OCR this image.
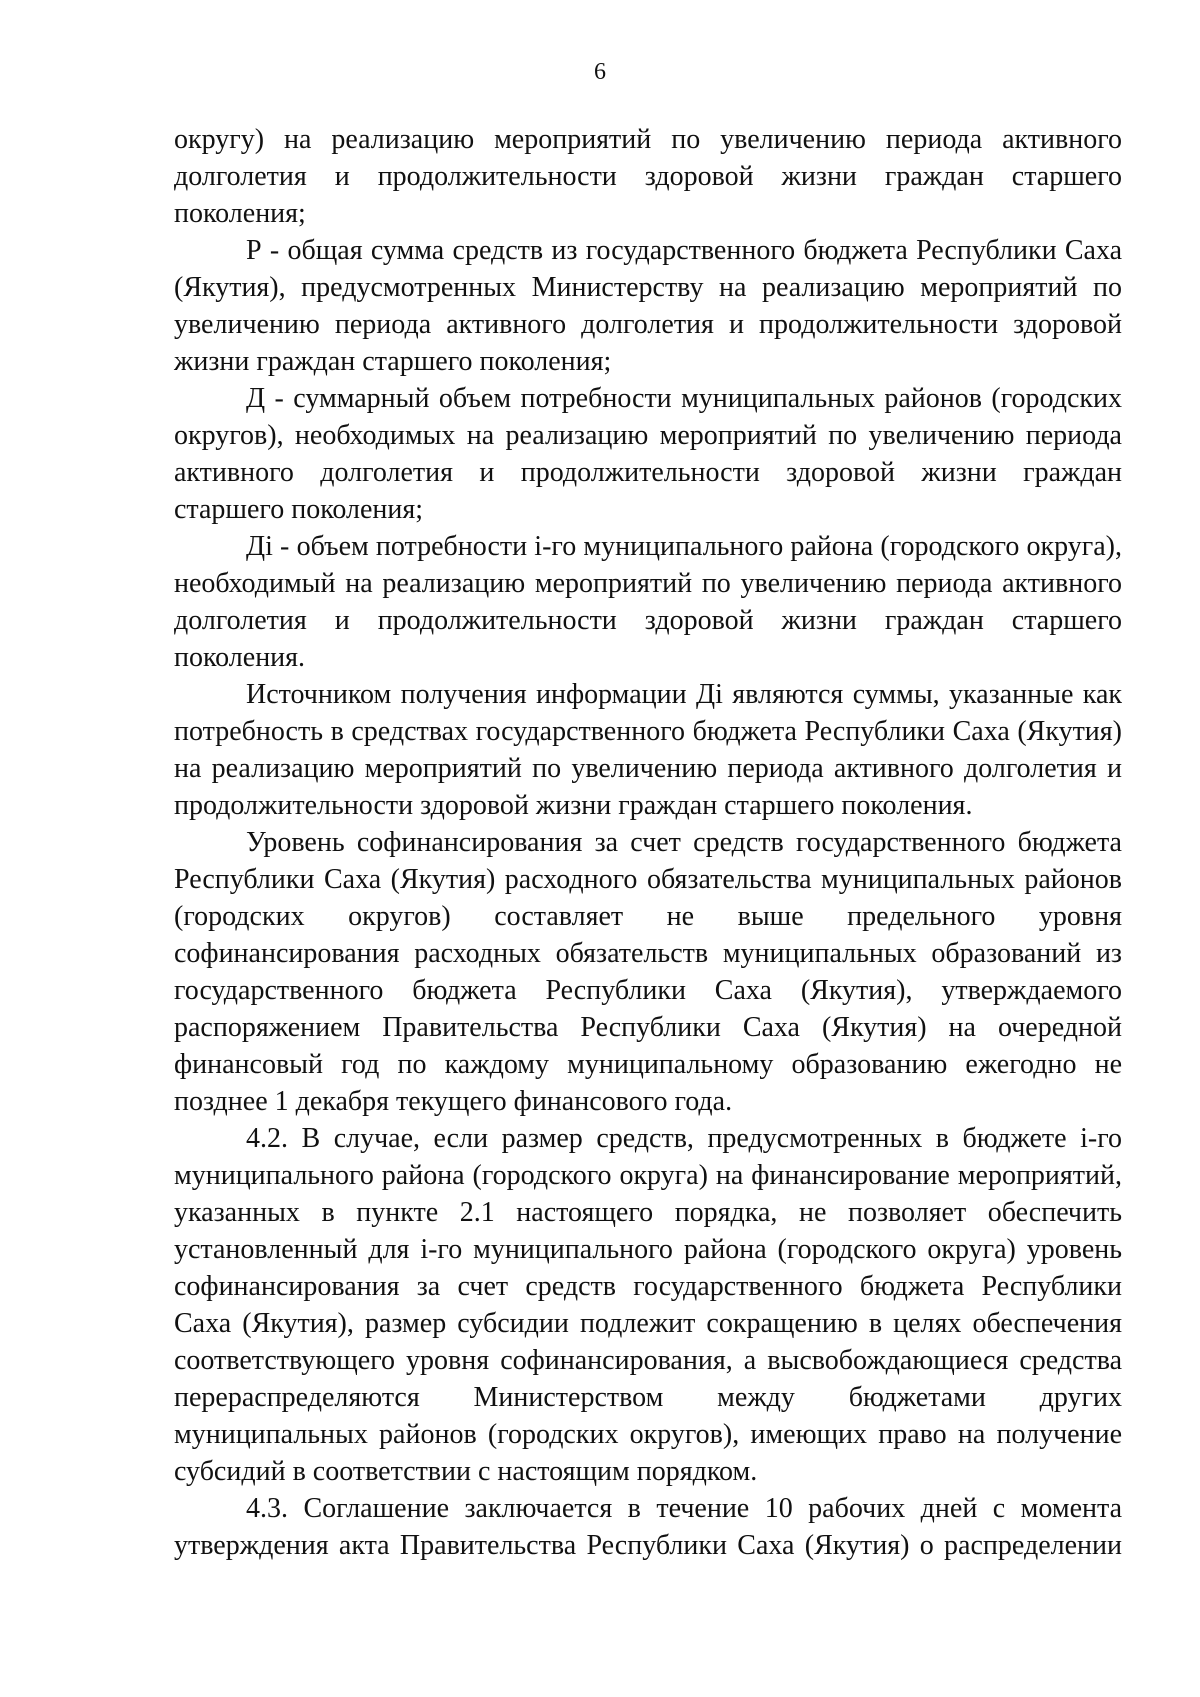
6

округу) на реализацию мероприятий по увеличению периода активного долголетия и продолжительности здоровой жизни граждан старшего поколения;

Р - общая сумма средств из государственного бюджета Республики Саха (Якутия), предусмотренных Министерству на реализацию мероприятий по увеличению периода активного долголетия и продолжительности здоровой жизни граждан старшего поколения;

Д - суммарный объем потребности муниципальных районов (городских округов), необходимых на реализацию мероприятий по увеличению периода активного долголетия и продолжительности здоровой жизни граждан старшего поколения;

Дi - объем потребности i-го муниципального района (городского округа), необходимый на реализацию мероприятий по увеличению периода активного долголетия и продолжительности здоровой жизни граждан старшего поколения.

Источником получения информации Дi являются суммы, указанные как потребность в средствах государственного бюджета Республики Саха (Якутия) на реализацию мероприятий по увеличению периода активного долголетия и продолжительности здоровой жизни граждан старшего поколения.

Уровень софинансирования за счет средств государственного бюджета Республики Саха (Якутия) расходного обязательства муниципальных районов (городских округов) составляет не выше предельного уровня софинансирования расходных обязательств муниципальных образований из государственного бюджета Республики Саха (Якутия), утверждаемого распоряжением Правительства Республики Саха (Якутия) на очередной финансовый год по каждому муниципальному образованию ежегодно не позднее 1 декабря текущего финансового года.

4.2. В случае, если размер средств, предусмотренных в бюджете i-го муниципального района (городского округа) на финансирование мероприятий, указанных в пункте 2.1 настоящего порядка, не позволяет обеспечить установленный для i-го муниципального района (городского округа) уровень софинансирования за счет средств государственного бюджета Республики Саха (Якутия), размер субсидии подлежит сокращению в целях обеспечения соответствующего уровня софинансирования, а высвобождающиеся средства перераспределяются Министерством между бюджетами других муниципальных районов (городских округов), имеющих право на получение субсидий в соответствии с настоящим порядком.

4.3. Соглашение заключается в течение 10 рабочих дней с момента утверждения акта Правительства Республики Саха (Якутия) о распределении
